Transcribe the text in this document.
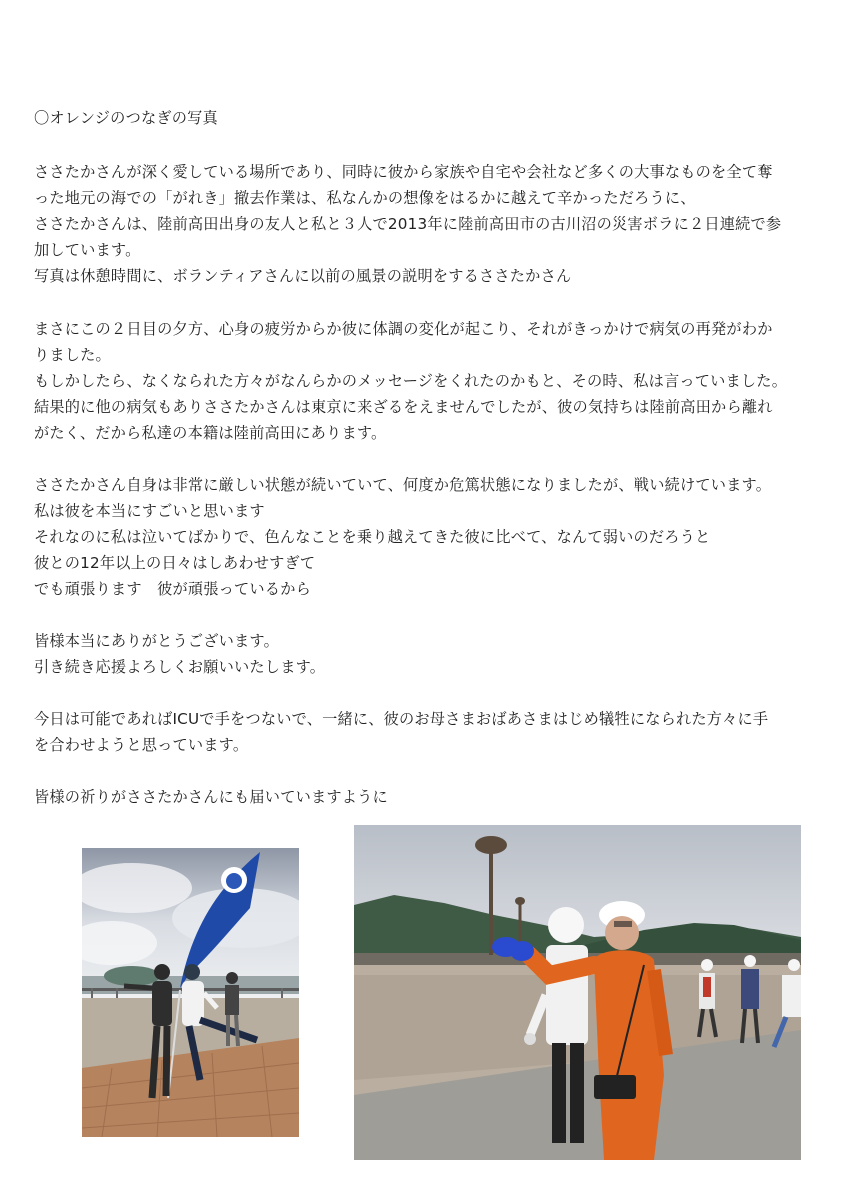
〇オレンジのつなぎの写真
ささたかさんが深く愛している場所であり、同時に彼から家族や自宅や会社など多くの大事なものを全て奪
った地元の海での「がれき」撤去作業は、私なんかの想像をはるかに越えて辛かっただろうに、
ささたかさんは、陸前高田出身の友人と私と３人で2013年に陸前高田市の古川沼の災害ボラに２日連続で参
加しています。
写真は休憩時間に、ボランティアさんに以前の風景の説明をするささたかさん
まさにこの２日目の夕方、心身の疲労からか彼に体調の変化が起こり、それがきっかけで病気の再発がわか
りました。
もしかしたら、なくなられた方々がなんらかのメッセージをくれたのかもと、その時、私は言っていました。
結果的に他の病気もありささたかさんは東京に来ざるをえませんでしたが、彼の気持ちは陸前高田から離れ
がたく、だから私達の本籍は陸前高田にあります。
ささたかさん自身は非常に厳しい状態が続いていて、何度か危篤状態になりましたが、戦い続けています。
私は彼を本当にすごいと思います
それなのに私は泣いてばかりで、色んなことを乗り越えてきた彼に比べて、なんて弱いのだろうと
彼との12年以上の日々はしあわせすぎて
でも頑張ります　彼が頑張っているから
皆様本当にありがとうございます。
引き続き応援よろしくお願いいたします。
今日は可能であればICUで手をつないで、一緒に、彼のお母さまおばあさまはじめ犠牲になられた方々に手
を合わせようと思っています。
皆様の祈りがささたかさんにも届いていますように
